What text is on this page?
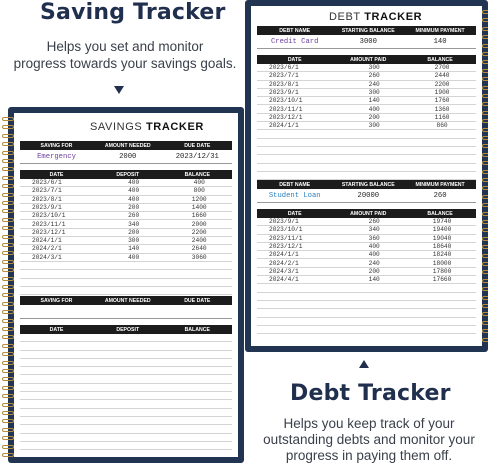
Saving Tracker
Helps you set and monitor
progress towards your savings goals.
SAVINGS TRACKER
SAVING FOR	AMOUNT NEEDED	DUE DATE
Emergency	2000	2023/12/31
DATE	DEPOSIT	BALANCE
2023/6/1	400	400
2023/7/1	400	800
2023/8/1	400	1200
2023/9/1	200	1400
2023/10/1	260	1660
2023/11/1	340	2000
2023/12/1	200	2200
2024/1/1	300	2400
2024/2/1	140	2640
2024/3/1	400	3060
SAVING FOR	AMOUNT NEEDED	DUE DATE
DATE	DEPOSIT	BALANCE
DEBT TRACKER
DEBT NAME	STARTING BALANCE	MINIMUM PAYMENT
Credit Card	3000	140
DATE	AMOUNT PAID	BALANCE
2023/6/1	300	2700
2023/7/1	260	2440
2023/8/1	240	2200
2023/9/1	300	1900
2023/10/1	140	1760
2023/11/1	400	1360
2023/12/1	200	1160
2024/1/1	300	860
DEBT NAME	STARTING BALANCE	MINIMUM PAYMENT
Student Loan	20000	260
DATE	AMOUNT PAID	BALANCE
2023/9/1	260	19740
2023/10/1	340	19400
2023/11/1	360	19040
2023/12/1	400	18640
2024/1/1	400	18240
2024/2/1	240	18000
2024/3/1	200	17800
2024/4/1	140	17660
Debt Tracker
Helps you keep track of your
outstanding debts and monitor your
progress in paying them off.
